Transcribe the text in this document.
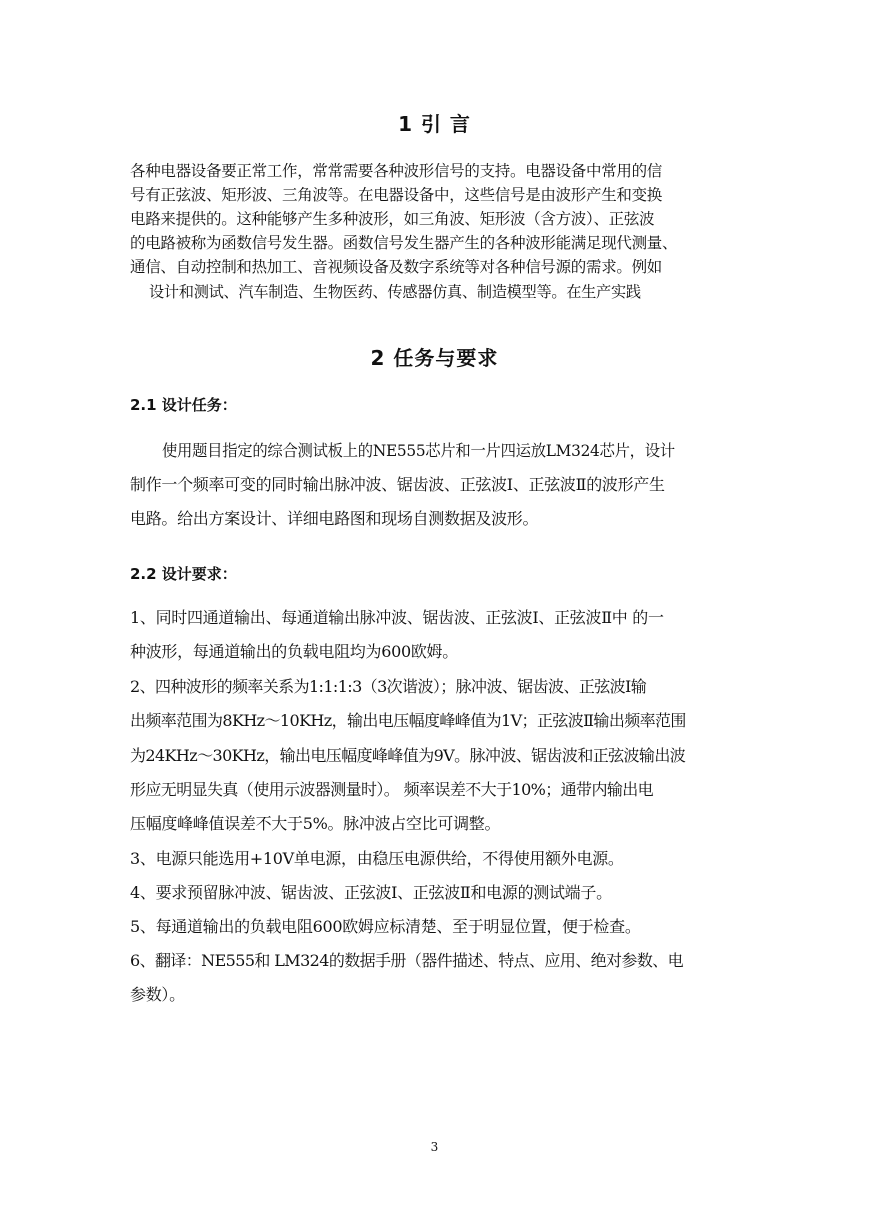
1 引 言
各种电器设备要正常工作，常常需要各种波形信号的支持。电器设备中常用的信
号有正弦波、矩形波、三角波等。在电器设备中，这些信号是由波形产生和变换
电路来提供的。这种能够产生多种波形，如三角波、矩形波（含方波）、正弦波
的电路被称为函数信号发生器。函数信号发生器产生的各种波形能满足现代测量、
通信、自动控制和热加工、音视频设备及数字系统等对各种信号源的需求。例如
设计和测试、汽车制造、生物医药、传感器仿真、制造模型等。在生产实践
2 任务与要求
2.1 设计任务：
使用题目指定的综合测试板上的NE555芯片和一片四运放LM324芯片，设计
制作一个频率可变的同时输出脉冲波、锯齿波、正弦波Ⅰ、正弦波Ⅱ的波形产生
电路。给出方案设计、详细电路图和现场自测数据及波形。
2.2 设计要求：
1、同时四通道输出、每通道输出脉冲波、锯齿波、正弦波Ⅰ、正弦波Ⅱ中 的一
种波形，每通道输出的负载电阻均为600欧姆。
2、四种波形的频率关系为1:1:1:3（3次谐波）；脉冲波、锯齿波、正弦波Ⅰ输
出频率范围为8KHz～10KHz，输出电压幅度峰峰值为1V；正弦波Ⅱ输出频率范围
为24KHz～30KHz，输出电压幅度峰峰值为9V。脉冲波、锯齿波和正弦波输出波
形应无明显失真（使用示波器测量时）。 频率误差不大于10%；通带内输出电
压幅度峰峰值误差不大于5%。脉冲波占空比可调整。
3、电源只能选用+10V单电源，由稳压电源供给，不得使用额外电源。
4、要求预留脉冲波、锯齿波、正弦波Ⅰ、正弦波Ⅱ和电源的测试端子。
5、每通道输出的负载电阻600欧姆应标清楚、至于明显位置，便于检查。
6、翻译：NE555和 LM324的数据手册（器件描述、特点、应用、绝对参数、电
参数）。
3
